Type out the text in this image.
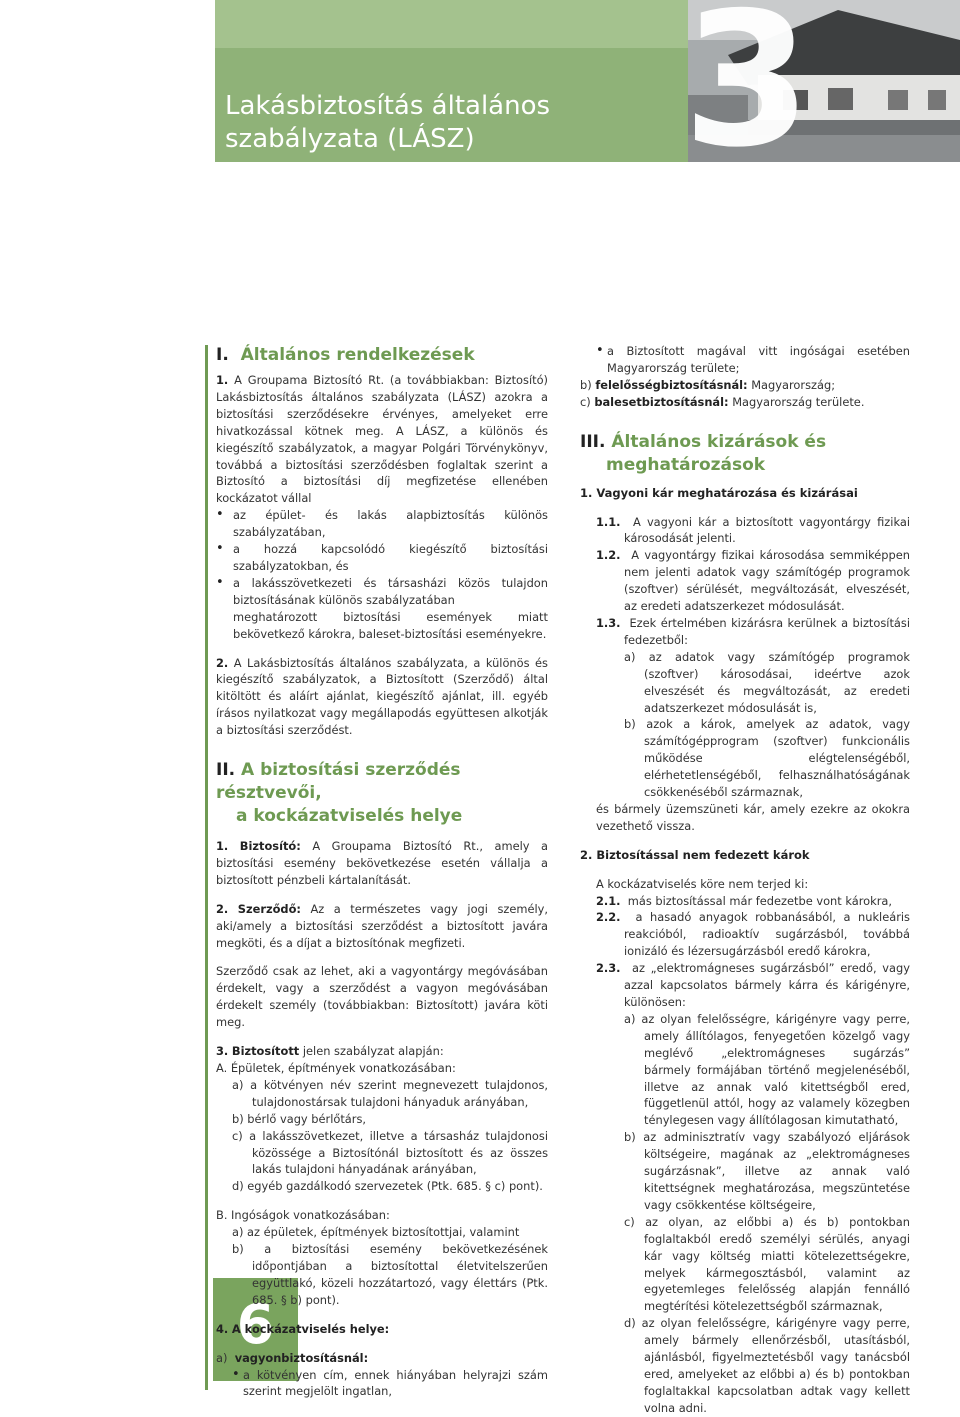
Lakásbiztosítás általános
szabályzata (LÁSZ)	3
6
I. Általános rendelkezések

1. A Groupama Biztosító Rt. (a továbbiakban: Biztosító) Lakásbiztosítás általános szabályzata (LÁSZ) azokra a biztosítási szerződésekre érvényes, amelyeket erre hivatkozással kötnek meg. A LÁSZ, a különös és kiegészítő szabályzatok, a magyar Polgári Törvénykönyv, továbbá a biztosítási szerződésben foglaltak szerint a Biztosító a biztosítási díj megfizetése ellenében kockázatot vállal

• az épület- és lakás alapbiztosítás különös szabályzatában,

• a hozzá kapcsolódó kiegészítő biztosítási szabályzatokban, és

• a lakásszövetkezeti és társasházi közös tulajdon biztosításának különös szabályzatában

meghatározott biztosítási események miatt bekövetkező károkra, baleset-biztosítási eseményekre.

2. A Lakásbiztosítás általános szabályzata, a különös és kiegészítő szabályzatok, a Biztosított (Szerződő) által kitöltött és aláírt ajánlat, kiegészítő ajánlat, ill. egyéb írásos nyilatkozat vagy megállapodás együttesen alkotják a biztosítási szerződést.

II. A biztosítási szerződés résztvevői,
a kockázatviselés helye

1. Biztosító: A Groupama Biztosító Rt., amely a biztosítási esemény bekövetkezése esetén vállalja a biztosított pénzbeli kártalanítását.

2. Szerződő: Az a természetes vagy jogi személy, aki/amely a biztosítási szerződést a biztosított javára megköti, és a díjat a biztosítónak megfizeti.

Szerződő csak az lehet, aki a vagyontárgy megóvásában érdekelt, vagy a szerződést a vagyon megóvásában érdekelt személy (továbbiakban: Biztosított) javára köti meg.

3. Biztosított jelen szabályzat alapján:

A. Épületek, építmények vonatkozásában:

a) a kötvényen név szerint megnevezett tulajdonos, tulajdonostársak tulajdoni hányaduk arányában,

b) bérlő vagy bérlőtárs,

c) a lakásszövetkezet, illetve a társasház tulajdonosi közössége a Biztosítónál biztosított és az összes lakás tulajdoni hányadának arányában,

d) egyéb gazdálkodó szervezetek (Ptk. 685. § c) pont).

B. Ingóságok vonatkozásában:

a) az épületek, építmények biztosítottjai, valamint

b) a biztosítási esemény bekövetkezésének időpontjában a biztosítottal életvitelszerűen együttlakó, közeli hozzátartozó, vagy élettárs (Ptk. 685. § b) pont).

4. A kockázatviselés helye:

a) vagyonbiztosításnál:

• a kötvényen cím, ennek hiányában helyrajzi szám szerint megjelölt ingatlan,

• a Biztosított magával vitt ingóságai esetében Magyarország területe;

b) felelősségbiztosításnál: Magyarország;

c) balesetbiztosításnál: Magyarország területe.

III. Általános kizárások és
meghatározások

1. Vagyoni kár meghatározása és kizárásai

1.1. A vagyoni kár a biztosított vagyontárgy fizikai károsodását jelenti.

1.2. A vagyontárgy fizikai károsodása semmiképpen nem jelenti adatok vagy számítógép programok (szoftver) sérülését, megváltozását, elveszését, az eredeti adatszerkezet módosulását.

1.3. Ezek értelmében kizárásra kerülnek a biztosítási fedezetből:

a) az adatok vagy számítógép programok (szoftver) károsodásai, ideértve azok elveszését és megváltozását, az eredeti adatszerkezet módosulását is,

b) azok a károk, amelyek az adatok, vagy számítógépprogram (szoftver) funkcionális működése elégtelenségéből, elérhetetlenségéből, felhasználhatóságának csökkenéséből származnak,

és bármely üzemszüneti kár, amely ezekre az okokra vezethető vissza.

2. Biztosítással nem fedezett károk

A kockázatviselés köre nem terjed ki:

2.1. más biztosítással már fedezetbe vont károkra,

2.2. a hasadó anyagok robbanásából, a nukleáris reakcióból, radioaktív sugárzásból, továbbá ionizáló és lézersugárzásból eredő károkra,

2.3. az „elektromágneses sugárzásból” eredő, vagy azzal kapcsolatos bármely kárra és kárigényre, különösen:

a) az olyan felelősségre, kárigényre vagy perre, amely állítólagos, fenyegetően közelgő vagy meglévő „elektromágneses sugárzás” bármely formájában történő megjelenéséből, illetve az annak való kitettségből ered, függetlenül attól, hogy az valamely közegben ténylegesen vagy állítólagosan kimutatható,

b) az adminisztratív vagy szabályozó eljárások költségeire, magának az „elektromágneses sugárzásnak”, illetve az annak való kitettségnek meghatározása, megszüntetése vagy csökkentése költségeire,

c) az olyan, az előbbi a) és b) pontokban foglaltakból eredő személyi sérülés, anyagi kár vagy költség miatti kötelezettségekre, melyek kármegosztásból, valamint az egyetemleges felelősség alapján fennálló megtérítési kötelezettségből származnak,

d) az olyan felelősségre, kárigényre vagy perre, amely bármely ellenőrzésből, utasításból, ajánlásból, figyelmeztetésből vagy tanácsból ered, amelyeket az előbbi a) és b) pontokban foglaltakkal kapcsolatban adtak vagy kellett volna adni.
